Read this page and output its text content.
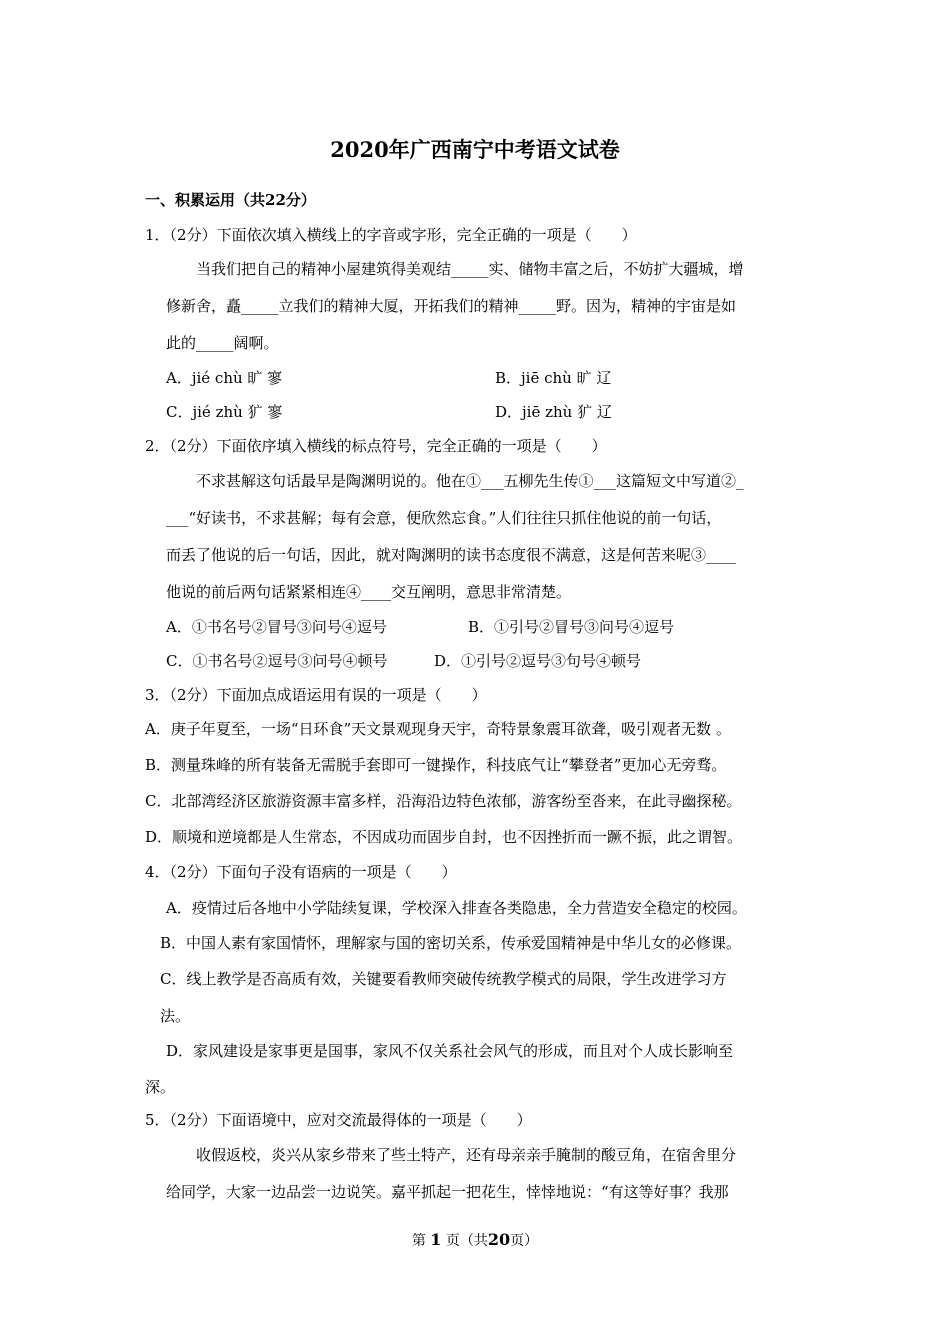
2020年广西南宁中考语文试卷
一、积累运用（共22分）
1．（2分）下面依次填入横线上的字音或字形，完全正确的一项是（　　）
当我们把自己的精神小屋建筑得美观结_____实、储物丰富之后，不妨扩大疆城，增
修新舍，矗_____立我们的精神大厦，开拓我们的精神_____野。因为，精神的宇宙是如
此的_____阔啊。
A．jié chù 旷 寥	B．jiē chù 旷 辽
C．jié zhù 犷 寥	D．jiē zhù 犷 辽
2．（2分）下面依序填入横线的标点符号，完全正确的一项是（　　）
不求甚解这句话最早是陶渊明说的。他在①___五柳先生传①___这篇短文中写道②_
___“好读书，不求甚解；每有会意，便欣然忘食。”人们往往只抓住他说的前一句话，
而丢了他说的后一句话，因此，就对陶渊明的读书态度很不满意，这是何苦来呢③____
他说的前后两句话紧紧相连④____交互阐明，意思非常清楚。
A．①书名号②冒号③问号④逗号	B．①引号②冒号③问号④逗号
C．①书名号②逗号③问号④顿号	D．①引号②逗号③句号④顿号
3．（2分）下面加点成语运用有误的一项是（　　）
A．庚子年夏至，一场“日环食”天文景观现身天宇，奇特景象震耳欲聋，吸引观者无数 。
B．测量珠峰的所有装备无需脱手套即可一键操作，科技底气让“攀登者”更加心无旁骛。
C．北部湾经济区旅游资源丰富多样，沿海沿边特色浓郁，游客纷至沓来，在此寻幽探秘。
D．顺境和逆境都是人生常态，不因成功而固步自封，也不因挫折而一蹶不振，此之谓智。
4．（2分）下面句子没有语病的一项是（　　）
A．疫情过后各地中小学陆续复课，学校深入排查各类隐患，全力营造安全稳定的校园。
B．中国人素有家国情怀，理解家与国的密切关系，传承爱国精神是中华儿女的必修课。
C．线上教学是否高质有效，关键要看教师突破传统教学模式的局限，学生改进学习方
法。
D．家风建设是家事更是国事，家风不仅关系社会风气的形成，而且对个人成长影响至
深。
5．（2分）下面语境中，应对交流最得体的一项是（　　）
收假返校，炎兴从家乡带来了些土特产，还有母亲亲手腌制的酸豆角，在宿舍里分
给同学，大家一边品尝一边说笑。嘉平抓起一把花生，悻悻地说：“有这等好事？我那
第 1 页（共20页）
